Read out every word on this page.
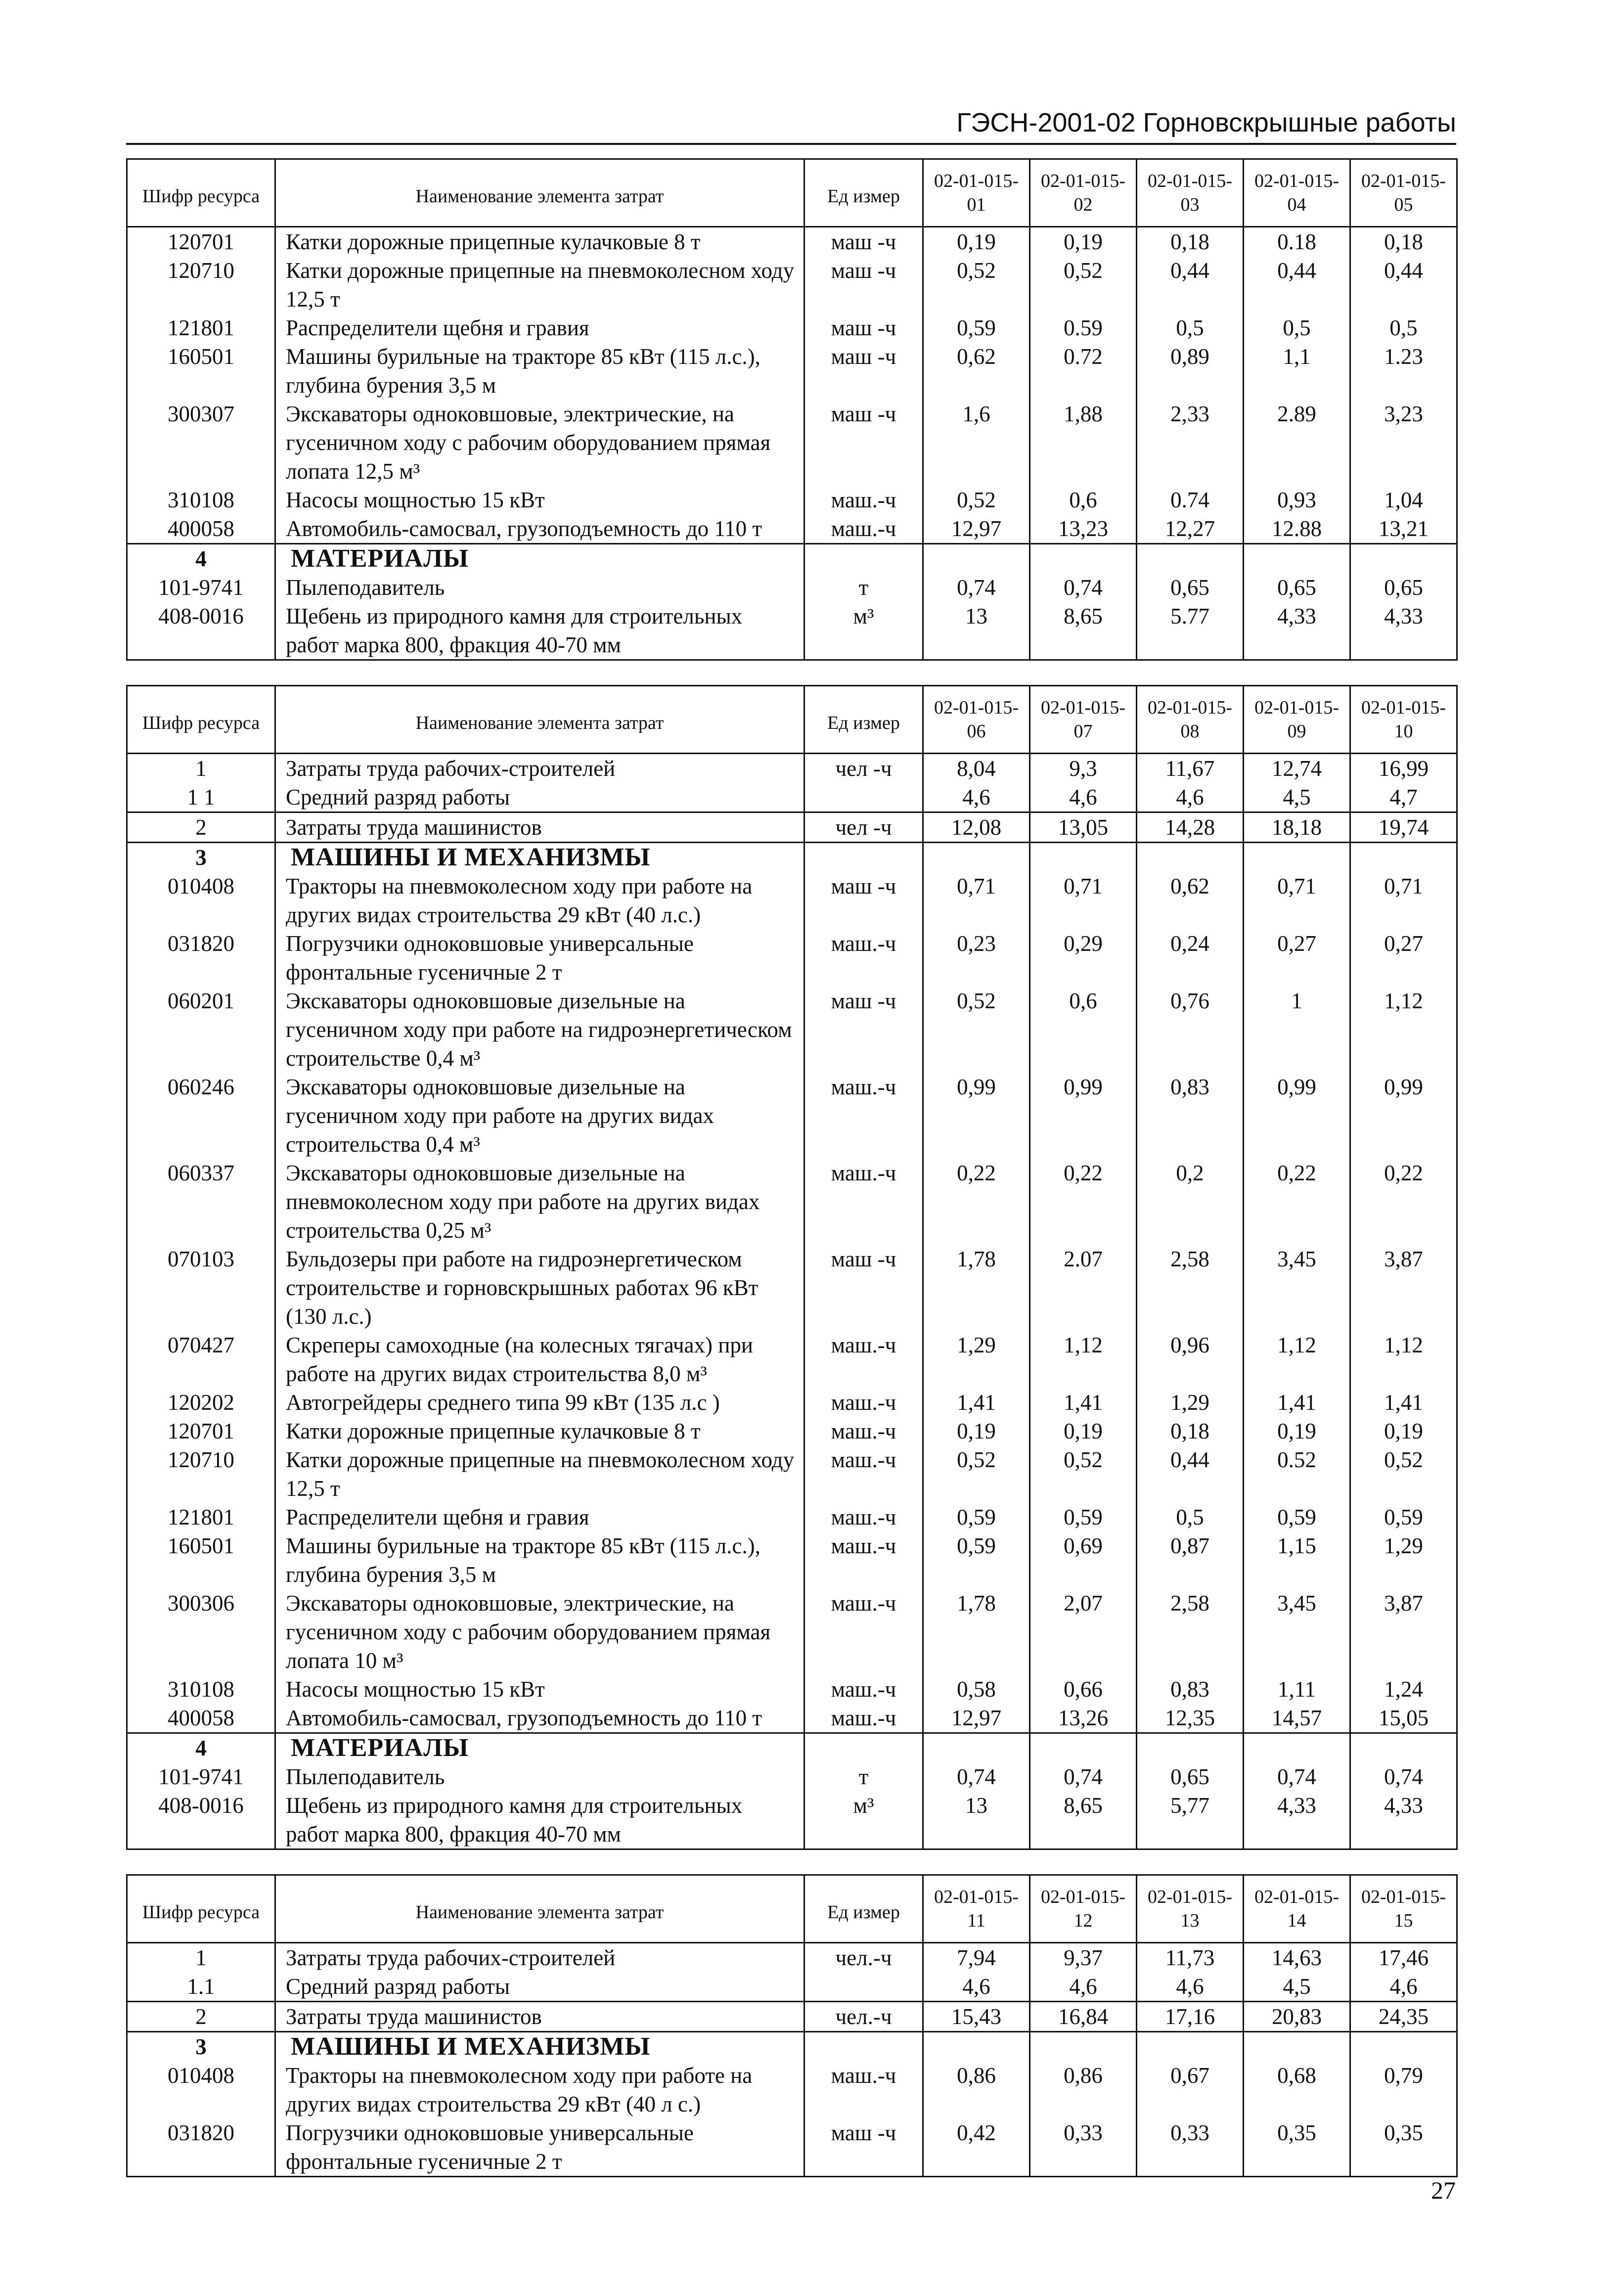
ГЭСН-2001-02 Горновскрышные работы
Шифр ресурса	Наименование элемента затрат	Ед измер	02-01-015-01	02-01-015-02	02-01-015-03	02-01-015-04	02-01-015-05
120701	Катки дорожные прицепные кулачковые 8 т	маш -ч	0,19	0,19	0,18	0.18	0,18
120710	Катки дорожные прицепные на пневмоколесном ходу 12,5 т	маш -ч	0,52	0,52	0,44	0,44	0,44
121801	Распределители щебня и гравия	маш -ч	0,59	0.59	0,5	0,5	0,5
160501	Машины бурильные на тракторе 85 кВт (115 л.с.), глубина бурения 3,5 м	маш -ч	0,62	0.72	0,89	1,1	1.23
300307	Экскаваторы одноковшовые, электрические, на гусеничном ходу с рабочим оборудованием прямая лопата 12,5 м³	маш -ч	1,6	1,88	2,33	2.89	3,23
310108	Насосы мощностью 15 кВт	маш.-ч	0,52	0,6	0.74	0,93	1,04
400058	Автомобиль-самосвал, грузоподъемность до 110 т	маш.-ч	12,97	13,23	12,27	12.88	13,21
4	МАТЕРИАЛЫ						
101-9741	Пылеподавитель	т	0,74	0,74	0,65	0,65	0,65
408-0016	Щебень из природного камня для строительных работ марка 800, фракция 40-70 мм	м³	13	8,65	5.77	4,33	4,33
Шифр ресурса	Наименование элемента затрат	Ед измер	02-01-015-06	02-01-015-07	02-01-015-08	02-01-015-09	02-01-015-10
1	Затраты труда рабочих-строителей	чел -ч	8,04	9,3	11,67	12,74	16,99
1 1	Средний разряд работы		4,6	4,6	4,6	4,5	4,7
2	Затраты труда машинистов	чел -ч	12,08	13,05	14,28	18,18	19,74
3	МАШИНЫ И МЕХАНИЗМЫ						
010408	Тракторы на пневмоколесном ходу при работе на других видах строительства 29 кВт (40 л.с.)	маш -ч	0,71	0,71	0,62	0,71	0,71
031820	Погрузчики одноковшовые универсальные фронтальные гусеничные 2 т	маш.-ч	0,23	0,29	0,24	0,27	0,27
060201	Экскаваторы одноковшовые дизельные на гусеничном ходу при работе на гидроэнергетическом строительстве 0,4 м³	маш -ч	0,52	0,6	0,76	1	1,12
060246	Экскаваторы одноковшовые дизельные на гусеничном ходу при работе на других видах строительства 0,4 м³	маш.-ч	0,99	0,99	0,83	0,99	0,99
060337	Экскаваторы одноковшовые дизельные на пневмоколесном ходу при работе на других видах строительства 0,25 м³	маш.-ч	0,22	0,22	0,2	0,22	0,22
070103	Бульдозеры при работе на гидроэнергетическом строительстве и горновскрышных работах 96 кВт (130 л.с.)	маш -ч	1,78	2.07	2,58	3,45	3,87
070427	Скреперы самоходные (на колесных тягачах) при работе на других видах строительства 8,0 м³	маш.-ч	1,29	1,12	0,96	1,12	1,12
120202	Автогрейдеры среднего типа 99 кВт (135 л.с )	маш.-ч	1,41	1,41	1,29	1,41	1,41
120701	Катки дорожные прицепные кулачковые 8 т	маш.-ч	0,19	0,19	0,18	0,19	0,19
120710	Катки дорожные прицепные на пневмоколесном ходу 12,5 т	маш.-ч	0,52	0,52	0,44	0.52	0,52
121801	Распределители щебня и гравия	маш.-ч	0,59	0,59	0,5	0,59	0,59
160501	Машины бурильные на тракторе 85 кВт (115 л.с.), глубина бурения 3,5 м	маш.-ч	0,59	0,69	0,87	1,15	1,29
300306	Экскаваторы одноковшовые, электрические, на гусеничном ходу с рабочим оборудованием прямая лопата 10 м³	маш.-ч	1,78	2,07	2,58	3,45	3,87
310108	Насосы мощностью 15 кВт	маш.-ч	0,58	0,66	0,83	1,11	1,24
400058	Автомобиль-самосвал, грузоподъемность до 110 т	маш.-ч	12,97	13,26	12,35	14,57	15,05
4	МАТЕРИАЛЫ						
101-9741	Пылеподавитель	т	0,74	0,74	0,65	0,74	0,74
408-0016	Щебень из природного камня для строительных работ марка 800, фракция 40-70 мм	м³	13	8,65	5,77	4,33	4,33
Шифр ресурса	Наименование элемента затрат	Ед измер	02-01-015-11	02-01-015-12	02-01-015-13	02-01-015-14	02-01-015-15
1	Затраты труда рабочих-строителей	чел.-ч	7,94	9,37	11,73	14,63	17,46
1.1	Средний разряд работы		4,6	4,6	4,6	4,5	4,6
2	Затраты труда машинистов	чел.-ч	15,43	16,84	17,16	20,83	24,35
3	МАШИНЫ И МЕХАНИЗМЫ						
010408	Тракторы на пневмоколесном ходу при работе на других видах строительства 29 кВт (40 л с.)	маш.-ч	0,86	0,86	0,67	0,68	0,79
031820	Погрузчики одноковшовые универсальные фронтальные гусеничные 2 т	маш -ч	0,42	0,33	0,33	0,35	0,35
27
